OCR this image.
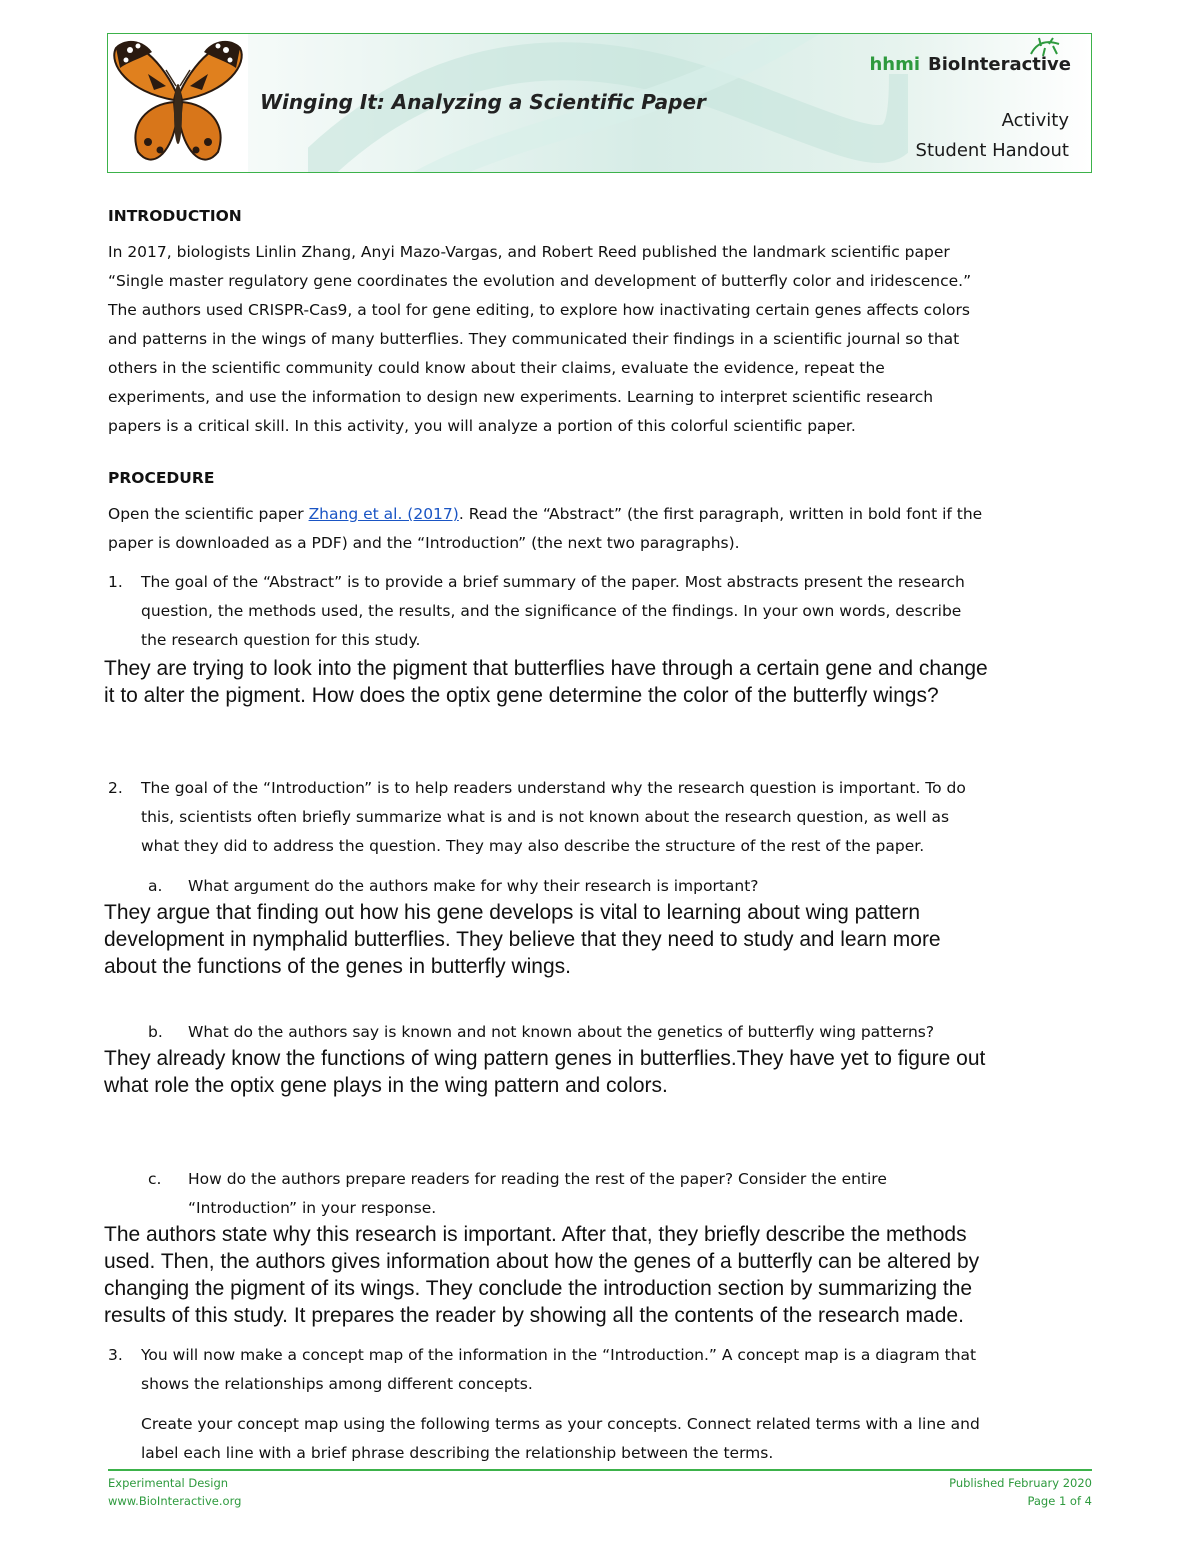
Winging It: Analyzing a Scientific Paper
hhmi BioInteractive
Activity
Student Handout
INTRODUCTION
In 2017, biologists Linlin Zhang, Anyi Mazo-Vargas, and Robert Reed published the landmark scientific paper
“Single master regulatory gene coordinates the evolution and development of butterfly color and iridescence.”
The authors used CRISPR-Cas9, a tool for gene editing, to explore how inactivating certain genes affects colors
and patterns in the wings of many butterflies. They communicated their findings in a scientific journal so that
others in the scientific community could know about their claims, evaluate the evidence, repeat the
experiments, and use the information to design new experiments. Learning to interpret scientific research
papers is a critical skill. In this activity, you will analyze a portion of this colorful scientific paper.
PROCEDURE
Open the scientific paper Zhang et al. (2017). Read the “Abstract” (the first paragraph, written in bold font if the
paper is downloaded as a PDF) and the “Introduction” (the next two paragraphs).
1. The goal of the “Abstract” is to provide a brief summary of the paper. Most abstracts present the research
question, the methods used, the results, and the significance of the findings. In your own words, describe
the research question for this study.
They are trying to look into the pigment that butterflies have through a certain gene and change
it to alter the pigment. How does the optix gene determine the color of the butterfly wings?
2. The goal of the “Introduction” is to help readers understand why the research question is important. To do
this, scientists often briefly summarize what is and is not known about the research question, as well as
what they did to address the question. They may also describe the structure of the rest of the paper.
a. What argument do the authors make for why their research is important?
They argue that finding out how his gene develops is vital to learning about wing pattern
development in nymphalid butterflies. They believe that they need to study and learn more
about the functions of the genes in butterfly wings.
b. What do the authors say is known and not known about the genetics of butterfly wing patterns?
They already know the functions of wing pattern genes in butterflies.They have yet to figure out
what role the optix gene plays in the wing pattern and colors.
c. How do the authors prepare readers for reading the rest of the paper? Consider the entire
“Introduction” in your response.
The authors state why this research is important. After that, they briefly describe the methods
used. Then, the authors gives information about how the genes of a butterfly can be altered by
changing the pigment of its wings. They conclude the introduction section by summarizing the
results of this study. It prepares the reader by showing all the contents of the research made.
3. You will now make a concept map of the information in the “Introduction.” A concept map is a diagram that
shows the relationships among different concepts.
Create your concept map using the following terms as your concepts. Connect related terms with a line and
label each line with a brief phrase describing the relationship between the terms.
Experimental Design
www.BioInteractive.org
Published February 2020
Page 1 of 4
